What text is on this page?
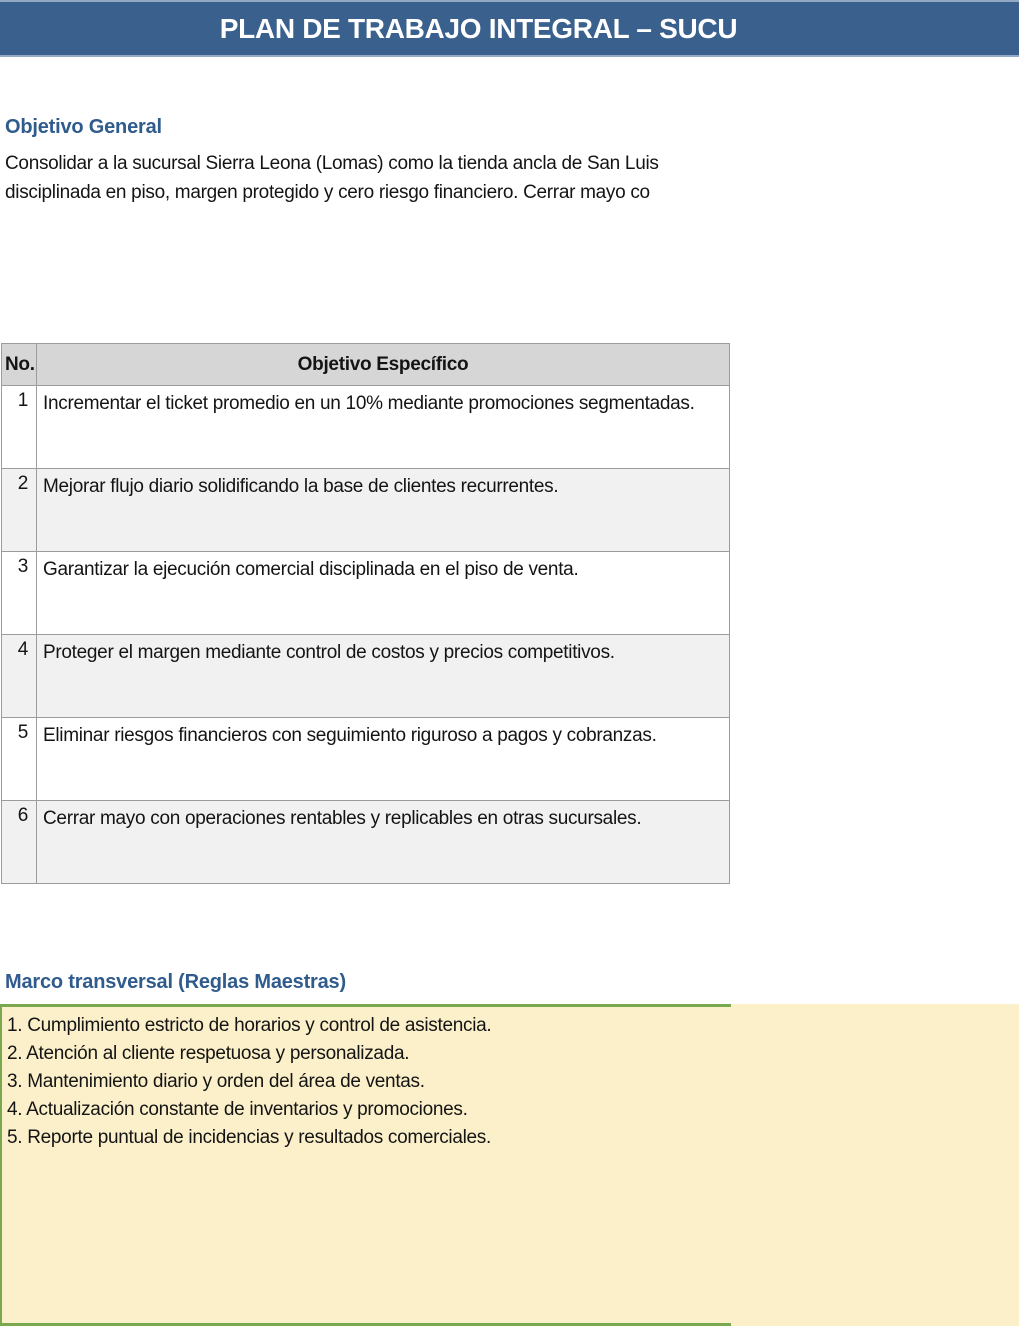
PLAN DE TRABAJO INTEGRAL – SUCU
Objetivo General
Consolidar a la sucursal Sierra Leona (Lomas) como la tienda ancla de San Luis
disciplinada en piso, margen protegido y cero riesgo financiero. Cerrar mayo co
No.	Objetivo Específico
1	Incrementar el ticket promedio en un 10% mediante promociones segmentadas.
2	Mejorar flujo diario solidificando la base de clientes recurrentes.
3	Garantizar la ejecución comercial disciplinada en el piso de venta.
4	Proteger el margen mediante control de costos y precios competitivos.
5	Eliminar riesgos financieros con seguimiento riguroso a pagos y cobranzas.
6	Cerrar mayo con operaciones rentables y replicables en otras sucursales.
Marco transversal (Reglas Maestras)
1. Cumplimiento estricto de horarios y control de asistencia.
2. Atención al cliente respetuosa y personalizada.
3. Mantenimiento diario y orden del área de ventas.
4. Actualización constante de inventarios y promociones.
5. Reporte puntual de incidencias y resultados comerciales.
